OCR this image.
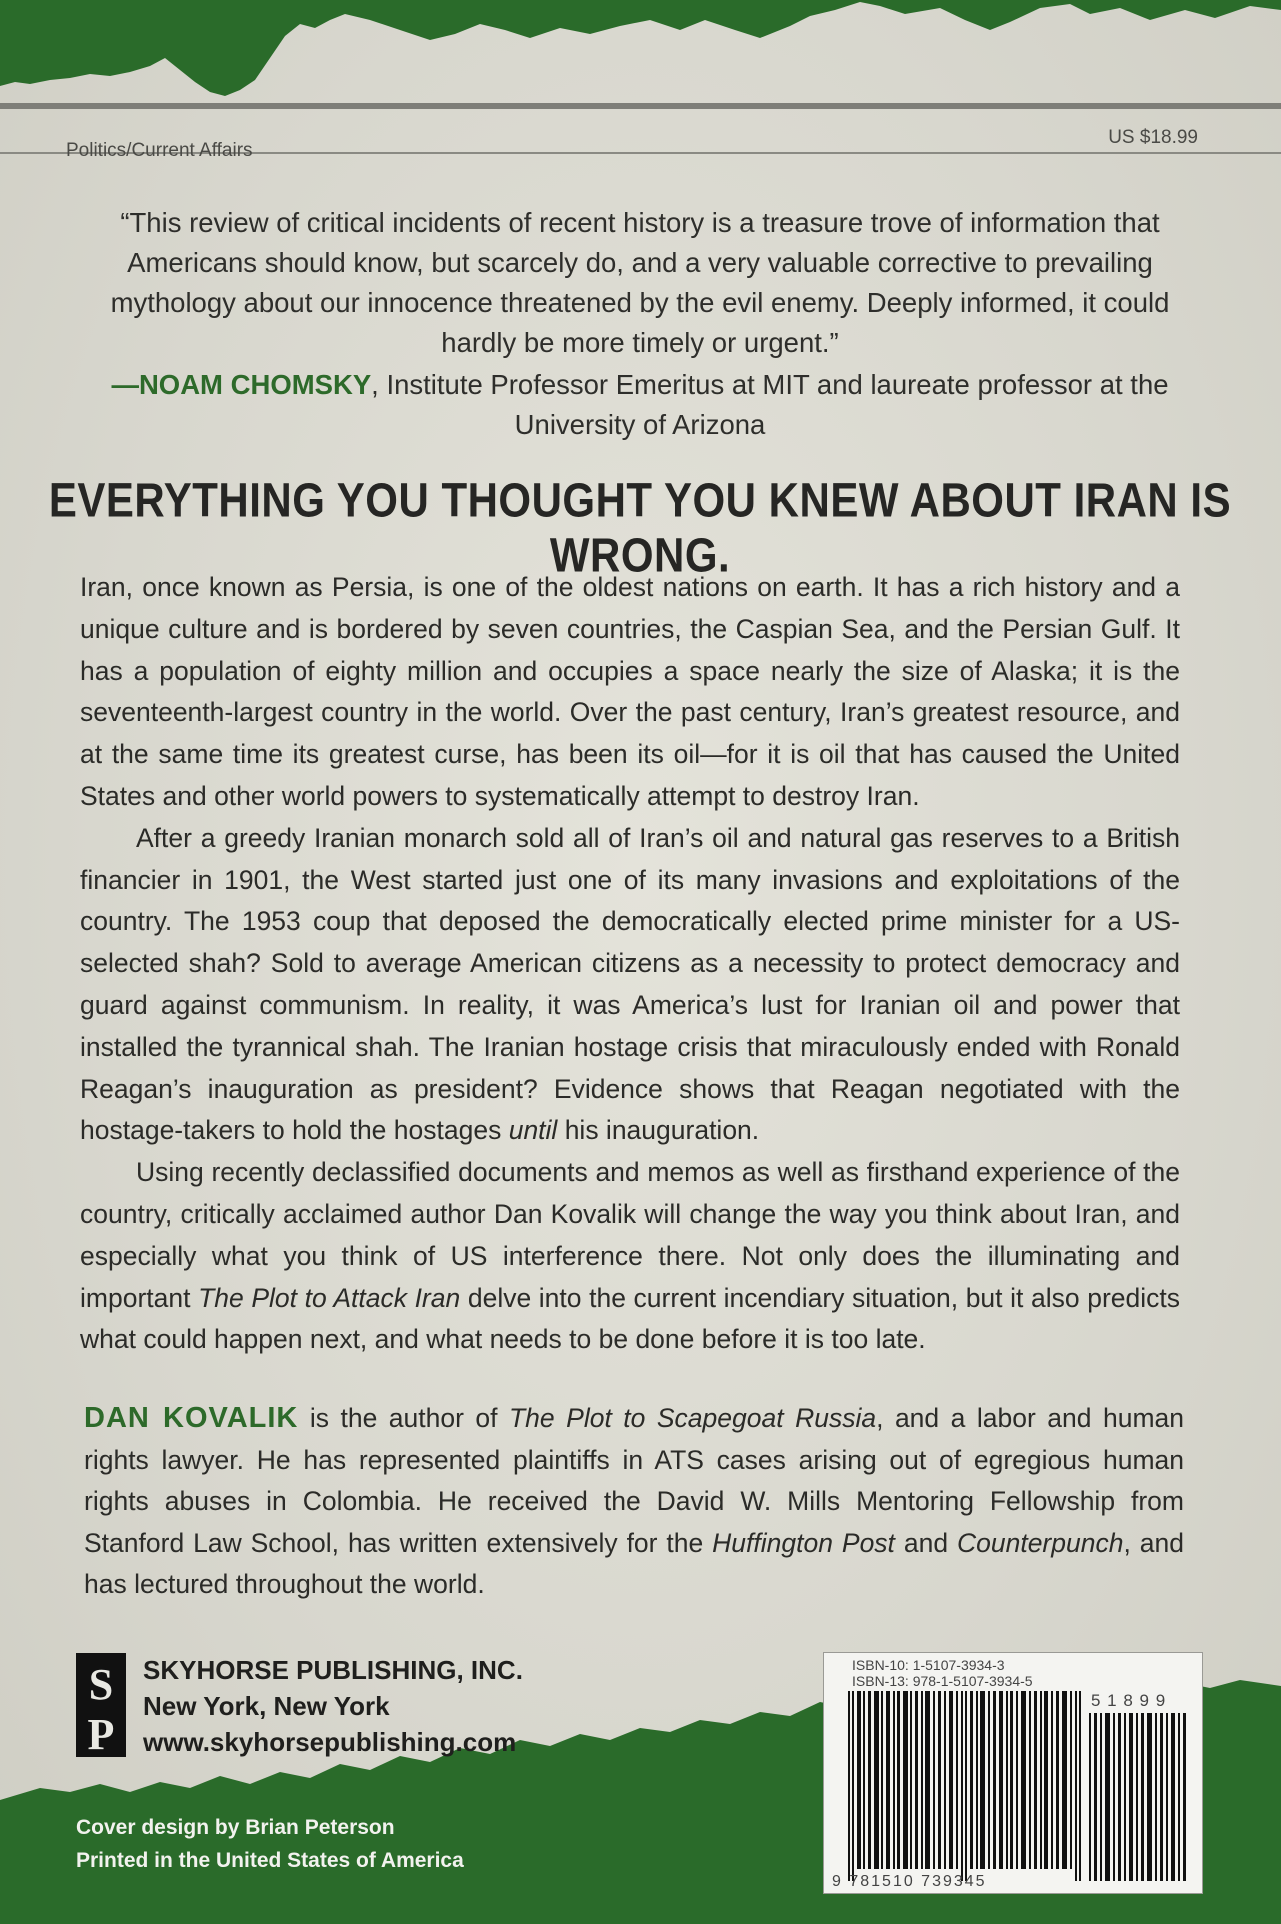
Politics/Current Affairs
US $18.99
“This review of critical incidents of recent history is a treasure trove of information that Americans should know, but scarcely do, and a very valuable corrective to prevailing mythology about our innocence threatened by the evil enemy. Deeply informed, it could hardly be more timely or urgent.”
—NOAM CHOMSKY, Institute Professor Emeritus at MIT and laureate professor at the University of Arizona
EVERYTHING YOU THOUGHT YOU KNEW ABOUT IRAN IS WRONG.

Iran, once known as Persia, is one of the oldest nations on earth. It has a rich history and a unique culture and is bordered by seven countries, the Caspian Sea, and the Persian Gulf. It has a population of eighty million and occupies a space nearly the size of Alaska; it is the seventeenth-largest country in the world. Over the past century, Iran’s greatest resource, and at the same time its greatest curse, has been its oil—for it is oil that has caused the United States and other world powers to systematically attempt to destroy Iran.

After a greedy Iranian monarch sold all of Iran’s oil and natural gas reserves to a British financier in 1901, the West started just one of its many invasions and exploitations of the country. The 1953 coup that deposed the democratically elected prime minister for a US-selected shah? Sold to average American citizens as a necessity to protect democracy and guard against communism. In reality, it was America’s lust for Iranian oil and power that installed the tyrannical shah. The Iranian hostage crisis that miraculously ended with Ronald Reagan’s inauguration as president? Evidence shows that Reagan negotiated with the hostage-takers to hold the hostages until his inauguration.

Using recently declassified documents and memos as well as firsthand experience of the country, critically acclaimed author Dan Kovalik will change the way you think about Iran, and especially what you think of US interference there. Not only does the illuminating and important The Plot to Attack Iran delve into the current incendiary situation, but it also predicts what could happen next, and what needs to be done before it is too late.

DAN KOVALIK is the author of The Plot to Scapegoat Russia, and a labor and human rights lawyer. He has represented plaintiffs in ATS cases arising out of egregious human rights abuses in Colombia. He received the David W. Mills Mentoring Fellowship from Stanford Law School, has written extensively for the Huffington Post and Counterpunch, and has lectured throughout the world.
S
P
SKYHORSE PUBLISHING, INC.
New York, New York
www.skyhorsepublishing.com
ISBN-10: 1-5107-3934-3
ISBN-13: 978-1-5107-3934-5
5 1 8 9 9
9 781510 739345
Cover design by Brian Peterson
Printed in the United States of America
